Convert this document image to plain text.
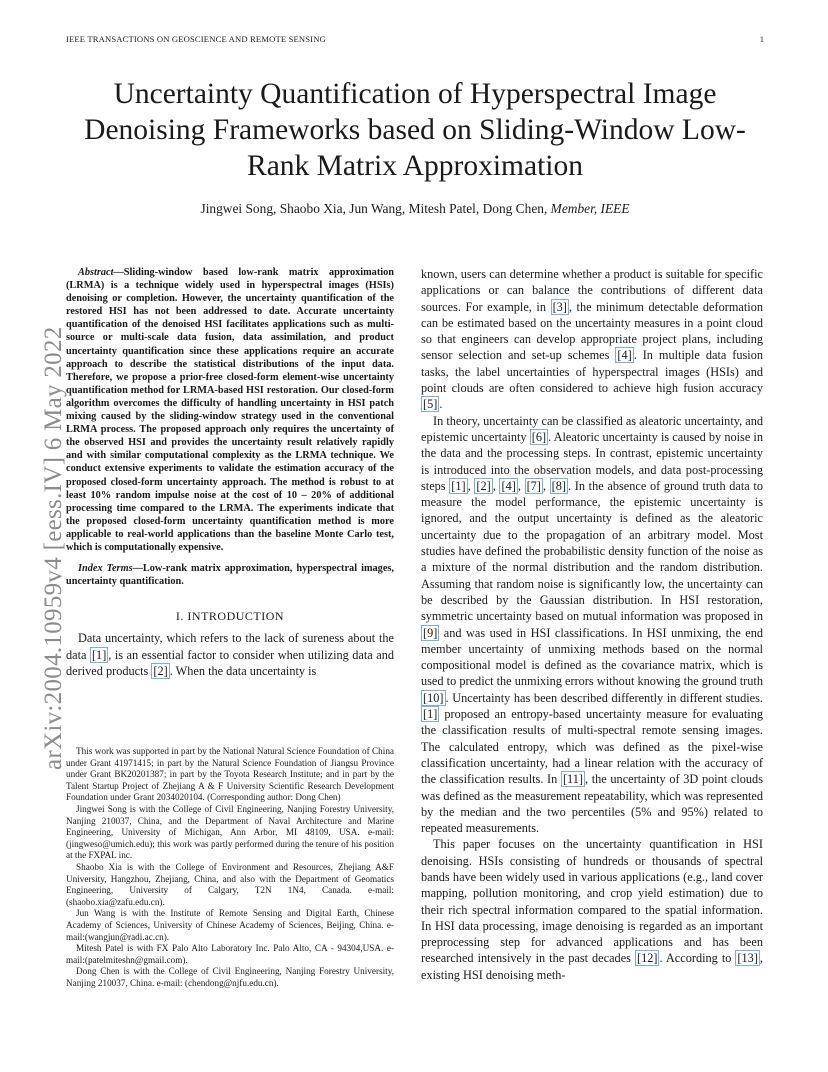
IEEE TRANSACTIONS ON GEOSCIENCE AND REMOTE SENSING	1
arXiv:2004.10959v4 [eess.IV] 6 May 2022
Uncertainty Quantification of Hyperspectral Image Denoising Frameworks based on Sliding-Window Low-Rank Matrix Approximation
Jingwei Song, Shaobo Xia, Jun Wang, Mitesh Patel, Dong Chen, Member, IEEE

Abstract—Sliding-window based low-rank matrix approximation (LRMA) is a technique widely used in hyperspectral images (HSIs) denoising or completion. However, the uncertainty quantification of the restored HSI has not been addressed to date. Accurate uncertainty quantification of the denoised HSI facilitates applications such as multi-source or multi-scale data fusion, data assimilation, and product uncertainty quantification since these applications require an accurate approach to describe the statistical distributions of the input data. Therefore, we propose a prior-free closed-form element-wise uncertainty quantification method for LRMA-based HSI restoration. Our closed-form algorithm overcomes the difficulty of handling uncertainty in HSI patch mixing caused by the sliding-window strategy used in the conventional LRMA process. The proposed approach only requires the uncertainty of the observed HSI and provides the uncertainty result relatively rapidly and with similar computational complexity as the LRMA technique. We conduct extensive experiments to validate the estimation accuracy of the proposed closed-form uncertainty approach. The method is robust to at least 10% random impulse noise at the cost of 10 – 20% of additional processing time compared to the LRMA. The experiments indicate that the proposed closed-form uncertainty quantification method is more applicable to real-world applications than the baseline Monte Carlo test, which is computationally expensive.

Index Terms—Low-rank matrix approximation, hyperspectral images, uncertainty quantification.

I. INTRODUCTION

Data uncertainty, which refers to the lack of sureness about the data [1] , is an essential factor to consider when utilizing data and derived products [2] . When the data uncertainty is

This work was supported in part by the National Natural Science Foundation of China under Grant 41971415; in part by the Natural Science Foundation of Jiangsu Province under Grant BK20201387; in part by the Toyota Research Institute; and in part by the Talent Startup Project of Zhejiang A & F University Scientific Research Development Foundation under Grant 2034020104. (Corresponding author: Dong Chen)

Jingwei Song is with the College of Civil Engineering, Nanjing Forestry University, Nanjing 210037, China, and the Department of Naval Architecture and Marine Engineering, University of Michigan, Ann Arbor, MI 48109, USA. e-mail:(jingweso@umich.edu); this work was partly performed during the tenure of his position at the FXPAL inc.

Shaobo Xia is with the College of Environment and Resources, Zhejiang A&F University, Hangzhou, Zhejiang, China, and also with the Department of Geomatics Engineering, University of Calgary, T2N 1N4, Canada. e-mail:(shaobo.xia@zafu.edu.cn).

Jun Wang is with the Institute of Remote Sensing and Digital Earth, Chinese Academy of Sciences, University of Chinese Academy of Sciences, Beijing, China. e-mail:(wangjun@radi.ac.cn).

Mitesh Patel is with FX Palo Alto Laboratory Inc. Palo Alto, CA - 94304,USA. e-mail:(patelmiteshn@gmail.com).

Dong Chen is with the College of Civil Engineering, Nanjing Forestry University, Nanjing 210037, China. e-mail: (chendong@njfu.edu.cn).

known, users can determine whether a product is suitable for specific applications or can balance the contributions of different data sources. For example, in [3] , the minimum detectable deformation can be estimated based on the uncertainty measures in a point cloud so that engineers can develop appropriate project plans, including sensor selection and set-up schemes [4] . In multiple data fusion tasks, the label uncertainties of hyperspectral images (HSIs) and point clouds are often considered to achieve high fusion accuracy [5] .

In theory, uncertainty can be classified as aleatoric uncertainty, and epistemic uncertainty [6] . Aleatoric uncertainty is caused by noise in the data and the processing steps. In contrast, epistemic uncertainty is introduced into the observation models, and data post-processing steps [1] , [2] , [4] , [7] , [8] . In the absence of ground truth data to measure the model performance, the epistemic uncertainty is ignored, and the output uncertainty is defined as the aleatoric uncertainty due to the propagation of an arbitrary model. Most studies have defined the probabilistic density function of the noise as a mixture of the normal distribution and the random distribution. Assuming that random noise is significantly low, the uncertainty can be described by the Gaussian distribution. In HSI restoration, symmetric uncertainty based on mutual information was proposed in [9] and was used in HSI classifications. In HSI unmixing, the end member uncertainty of unmixing methods based on the normal compositional model is defined as the covariance matrix, which is used to predict the unmixing errors without knowing the ground truth [10] . Uncertainty has been described differently in different studies. [1] proposed an entropy-based uncertainty measure for evaluating the classification results of multi-spectral remote sensing images. The calculated entropy, which was defined as the pixel-wise classification uncertainty, had a linear relation with the accuracy of the classification results. In [11] , the uncertainty of 3D point clouds was defined as the measurement repeatability, which was represented by the median and the two percentiles (5% and 95%) related to repeated measurements.

This paper focuses on the uncertainty quantification in HSI denoising. HSIs consisting of hundreds or thousands of spectral bands have been widely used in various applications (e.g., land cover mapping, pollution monitoring, and crop yield estimation) due to their rich spectral information compared to the spatial information. In HSI data processing, image denoising is regarded as an important preprocessing step for advanced applications and has been researched intensively in the past decades [12] . According to [13] , existing HSI denoising meth-
